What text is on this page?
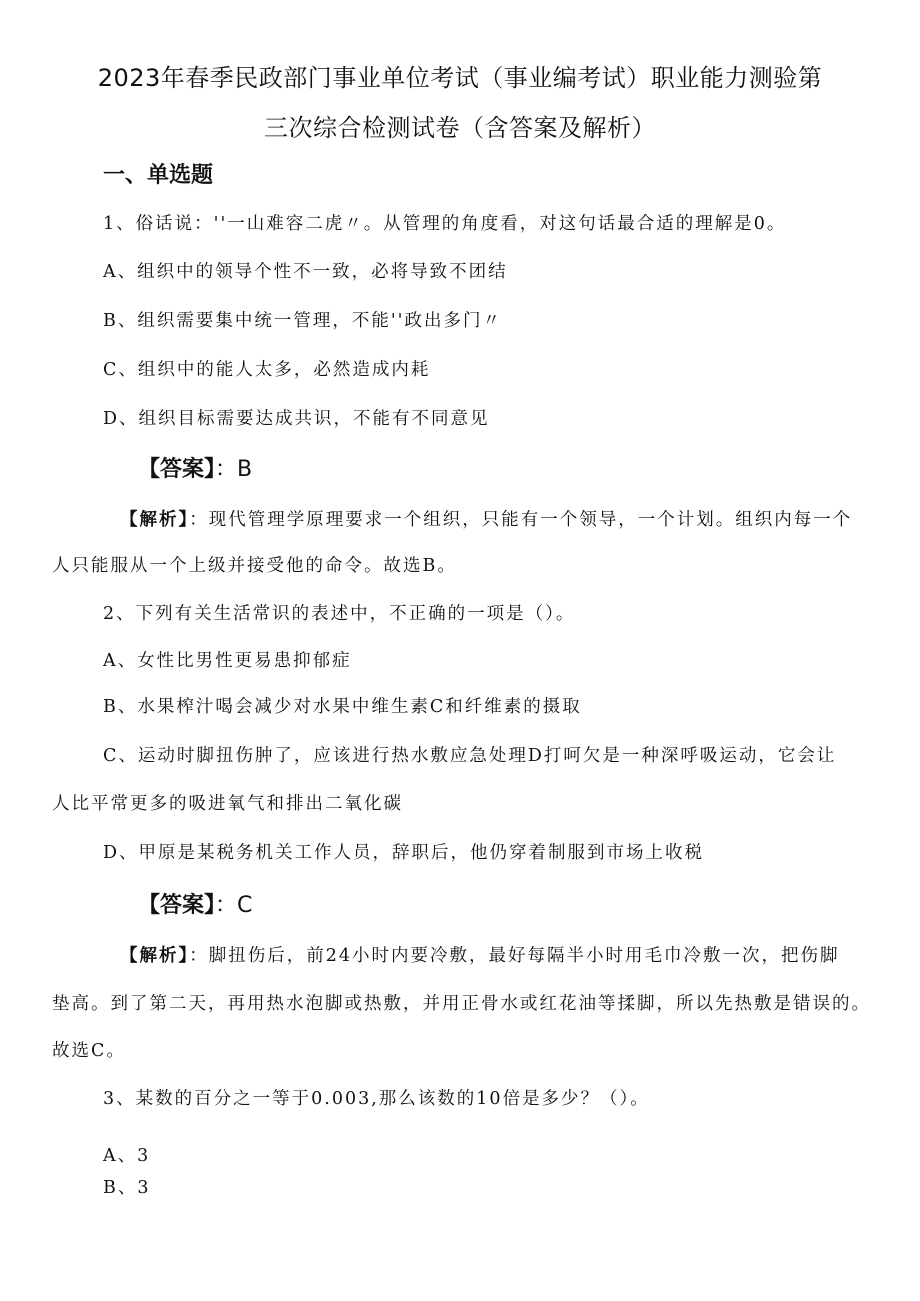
2023年春季民政部门事业单位考试（事业编考试）职业能力测验第
三次综合检测试卷（含答案及解析）
一、单选题
1、俗话说：''一山难容二虎〃。从管理的角度看，对这句话最合适的理解是0。
A、组织中的领导个性不一致，必将导致不团结
B、组织需要集中统一管理，不能''政出多门〃
C、组织中的能人太多，必然造成内耗
D、组织目标需要达成共识，不能有不同意见
【答案】：B
【解析】：现代管理学原理要求一个组织，只能有一个领导，一个计划。组织内每一个
人只能服从一个上级并接受他的命令。故选B。
2、下列有关生活常识的表述中，不正确的一项是（）。
A、女性比男性更易患抑郁症
B、水果榨汁喝会减少对水果中维生素C和纤维素的摄取
C、运动时脚扭伤肿了，应该进行热水敷应急处理D打呵欠是一种深呼吸运动，它会让
人比平常更多的吸进氧气和排出二氧化碳
D、甲原是某税务机关工作人员，辞职后，他仍穿着制服到市场上收税
【答案】：C
【解析】：脚扭伤后，前24小时内要冷敷，最好每隔半小时用毛巾冷敷一次，把伤脚
垫高。到了第二天，再用热水泡脚或热敷，并用正骨水或红花油等揉脚，所以先热敷是错误的。
故选C。
3、某数的百分之一等于0.003,那么该数的10倍是多少？（）。
A、3
B、3
